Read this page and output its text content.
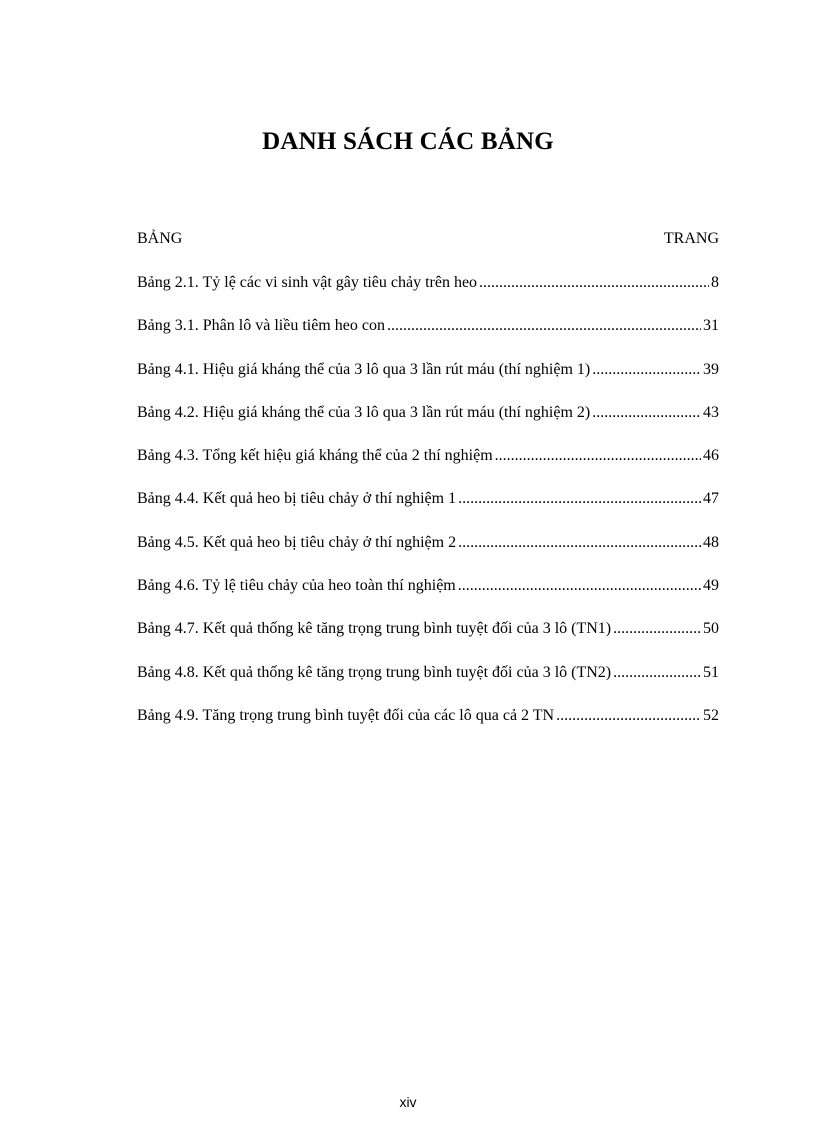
DANH SÁCH CÁC BẢNG
BẢNG	TRANG
Bảng 2.1. Tỷ lệ các vi sinh vật gây tiêu chảy trên heo .....	8
Bảng 3.1. Phân lô và liều tiêm heo con .....	31
Bảng 4.1. Hiệu giá kháng thể của 3 lô qua 3 lần rút máu (thí nghiệm 1) .....	39
Bảng 4.2. Hiệu giá kháng thể của 3 lô qua 3 lần rút máu (thí nghiệm 2) .....	43
Bảng 4.3. Tổng kết hiệu giá kháng thể của 2 thí nghiệm .....	46
Bảng 4.4. Kết quả heo bị tiêu chảy ở thí nghiệm 1 .....	47
Bảng 4.5. Kết quả heo bị tiêu chảy ở thí nghiệm 2 .....	48
Bảng 4.6. Tỷ lệ tiêu chảy của heo toàn thí nghiệm .....	49
Bảng 4.7. Kết quả thống kê tăng trọng trung bình tuyệt đối của 3 lô (TN1) .....	50
Bảng 4.8. Kết quả thống kê tăng trọng trung bình tuyệt đối của 3 lô (TN2) .....	51
Bảng 4.9. Tăng trọng trung bình tuyệt đối của các lô qua cả 2 TN .....	52
xiv
